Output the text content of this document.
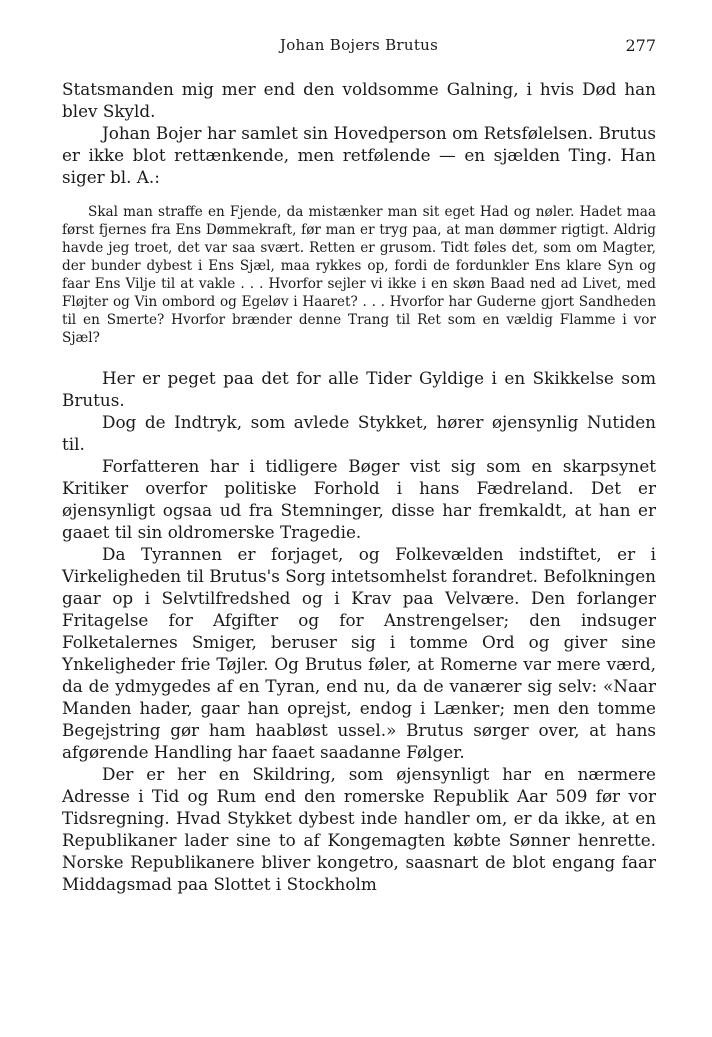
Johan Bojers Brutus	277

Statsmanden mig mer end den voldsomme Galning, i hvis Død han blev Skyld.

Johan Bojer har samlet sin Hovedperson om Retsfølelsen. Brutus er ikke blot rettænkende, men retfølende — en sjælden Ting. Han siger bl. A.:

Skal man straffe en Fjende, da mistænker man sit eget Had og nøler. Hadet maa først fjernes fra Ens Dømmekraft, før man er tryg paa, at man dømmer rigtigt. Aldrig havde jeg troet, det var saa svært. Retten er grusom. Tidt føles det, som om Magter, der bunder dybest i Ens Sjæl, maa rykkes op, fordi de fordunkler Ens klare Syn og faar Ens Vilje til at vakle . . . Hvorfor sejler vi ikke i en skøn Baad ned ad Livet, med Fløjter og Vin ombord og Egeløv i Haaret? . . . Hvorfor har Guderne gjort Sandheden til en Smerte? Hvorfor brænder denne Trang til Ret som en vældig Flamme i vor Sjæl?

Her er peget paa det for alle Tider Gyldige i en Skikkelse som Brutus.

Dog de Indtryk, som avlede Stykket, hører øjensynlig Nutiden til.

Forfatteren har i tidligere Bøger vist sig som en skarpsynet Kritiker overfor politiske Forhold i hans Fædreland. Det er øjensynligt ogsaa ud fra Stemninger, disse har fremkaldt, at han er gaaet til sin oldromerske Tragedie.

Da Tyrannen er forjaget, og Folkevælden indstiftet, er i Virkeligheden til Brutus's Sorg intetsomhelst forandret. Befolkningen gaar op i Selvtilfredshed og i Krav paa Velvære. Den forlanger Fritagelse for Afgifter og for Anstrengelser; den indsuger Folketalernes Smiger, beruser sig i tomme Ord og giver sine Ynkeligheder frie Tøjler. Og Brutus føler, at Romerne var mere værd, da de ydmygedes af en Tyran, end nu, da de vanærer sig selv: «Naar Manden hader, gaar han oprejst, endog i Lænker; men den tomme Begejstring gør ham haabløst ussel.» Brutus sørger over, at hans afgørende Handling har faaet saadanne Følger.

Der er her en Skildring, som øjensynligt har en nærmere Adresse i Tid og Rum end den romerske Republik Aar 509 før vor Tidsregning. Hvad Stykket dybest inde handler om, er da ikke, at en Republikaner lader sine to af Kongemagten købte Sønner henrette. Norske Republikanere bliver kongetro, saasnart de blot engang faar Middagsmad paa Slottet i Stockholm
